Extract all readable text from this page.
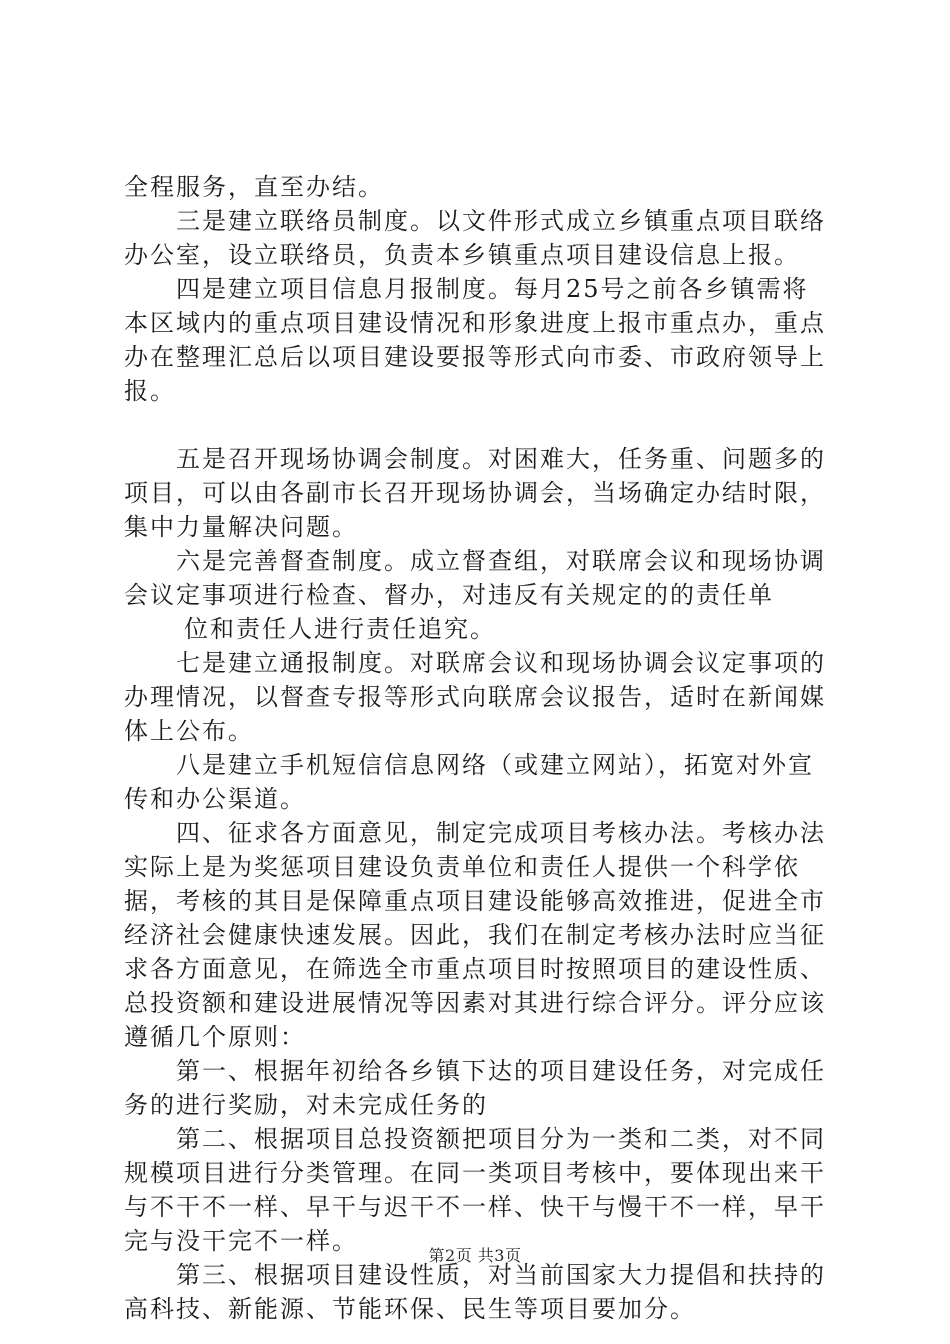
全程服务，直至办结。

三是建立联络员制度。以文件形式成立乡镇重点项目联络办公室，设立联络员，负责本乡镇重点项目建设信息上报。

四是建立项目信息月报制度。每月25号之前各乡镇需将本区域内的重点项目建设情况和形象进度上报市重点办，重点办在整理汇总后以项目建设要报等形式向市委、市政府领导上报。

五是召开现场协调会制度。对困难大，任务重、问题多的项目，可以由各副市长召开现场协调会，当场确定办结时限，集中力量解决问题。

六是完善督查制度。成立督查组，对联席会议和现场协调会议定事项进行检查、督办，对违反有关规定的的责任单

位和责任人进行责任追究。

七是建立通报制度。对联席会议和现场协调会议定事项的办理情况，以督查专报等形式向联席会议报告，适时在新闻媒体上公布。

八是建立手机短信信息网络（或建立网站），拓宽对外宣传和办公渠道。

四、征求各方面意见，制定完成项目考核办法。考核办法实际上是为奖惩项目建设负责单位和责任人提供一个科学依据，考核的其目是保障重点项目建设能够高效推进，促进全市经济社会健康快速发展。因此，我们在制定考核办法时应当征求各方面意见，在筛选全市重点项目时按照项目的建设性质、总投资额和建设进展情况等因素对其进行综合评分。评分应该遵循几个原则：

第一、根据年初给各乡镇下达的项目建设任务，对完成任务的进行奖励，对未完成任务的

第二、根据项目总投资额把项目分为一类和二类，对不同规模项目进行分类管理。在同一类项目考核中，要体现出来干与不干不一样、早干与迟干不一样、快干与慢干不一样，早干完与没干完不一样。

第三、根据项目建设性质，对当前国家大力提倡和扶持的高科技、新能源、节能环保、民生等项目要加分。

第2页 共3页
